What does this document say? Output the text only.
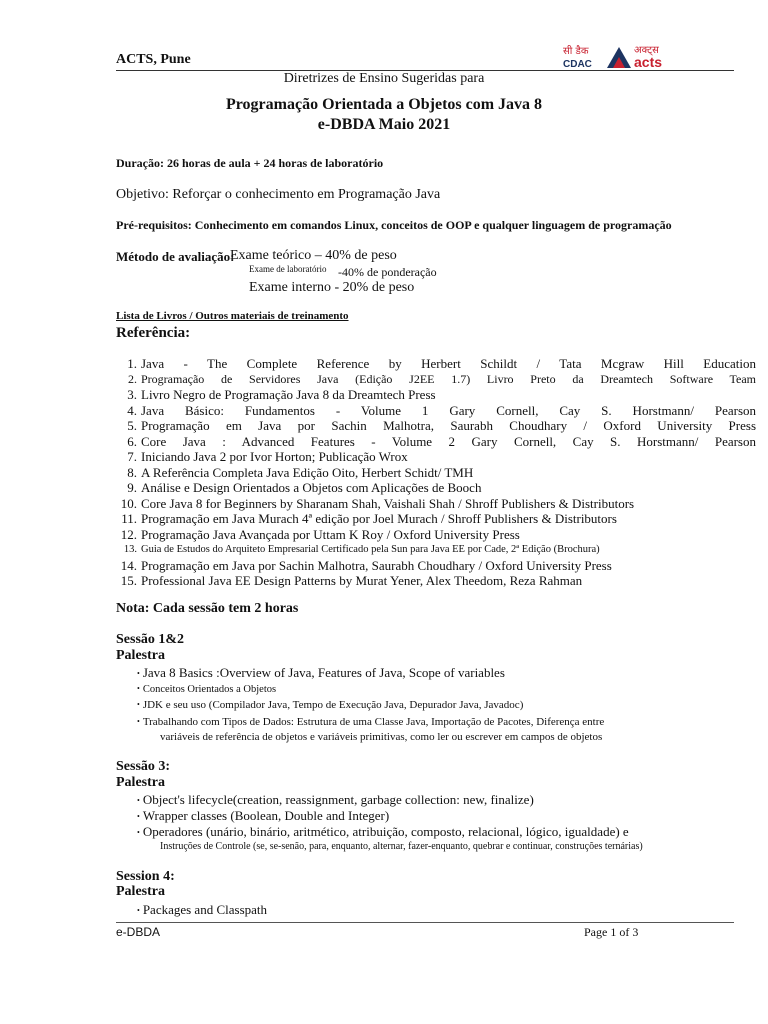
ACTS, Pune
सी डैक
CDAC
अक्ट्स
acts
Diretrizes de Ensino Sugeridas para
Programação Orientada a Objetos com Java 8
e-DBDA Maio 2021
Duração: 26 horas de aula + 24 horas de laboratório
Objetivo: Reforçar o conhecimento em Programação Java
Pré-requisitos: Conhecimento em comandos Linux, conceitos de OOP e qualquer linguagem de programação
Método de avaliação:
Exame teórico – 40% de peso
Exame de laboratório -40% de ponderação
Exame interno - 20% de peso
Lista de Livros / Outros materiais de treinamento
Referência:
1. Java - The Complete Reference by Herbert Schildt / Tata Mcgraw Hill Education
2. Programação de Servidores Java (Edição J2EE 1.7) Livro Preto da Dreamtech Software Team
3. Livro Negro de Programação Java 8 da Dreamtech Press
4. Java Básico: Fundamentos - Volume 1 Gary Cornell, Cay S. Horstmann/ Pearson
5. Programação em Java por Sachin Malhotra, Saurabh Choudhary / Oxford University Press
6. Core Java : Advanced Features - Volume 2 Gary Cornell, Cay S. Horstmann/ Pearson
7. Iniciando Java 2 por Ivor Horton; Publicação Wrox
8. A Referência Completa Java Edição Oito, Herbert Schidt/ TMH
9. Análise e Design Orientados a Objetos com Aplicações de Booch
10. Core Java 8 for Beginners by Sharanam Shah, Vaishali Shah / Shroff Publishers & Distributors
11. Programação em Java Murach 4ª edição por Joel Murach / Shroff Publishers & Distributors
12. Programação Java Avançada por Uttam K Roy / Oxford University Press
13. Guia de Estudos do Arquiteto Empresarial Certificado pela Sun para Java EE por Cade, 2ª Edição (Brochura)
14. Programação em Java por Sachin Malhotra, Saurabh Choudhary / Oxford University Press
15. Professional Java EE Design Patterns by Murat Yener, Alex Theedom, Reza Rahman
Nota: Cada sessão tem 2 horas
Sessão 1&2
Palestra
• Java 8 Basics :Overview of Java, Features of Java, Scope of variables
• Conceitos Orientados a Objetos
• JDK e seu uso (Compilador Java, Tempo de Execução Java, Depurador Java, Javadoc)
• Trabalhando com Tipos de Dados: Estrutura de uma Classe Java, Importação de Pacotes, Diferença entre
variáveis de referência de objetos e variáveis primitivas, como ler ou escrever em campos de objetos
Sessão 3:
Palestra
• Object's lifecycle(creation, reassignment, garbage collection: new, finalize)
• Wrapper classes (Boolean, Double and Integer)
• Operadores (unário, binário, aritmético, atribuição, composto, relacional, lógico, igualdade) e
Instruções de Controle (se, se-senão, para, enquanto, alternar, fazer-enquanto, quebrar e continuar, construções ternárias)
Session 4:
Palestra
• Packages and Classpath
e-DBDA	Page 1 of 3
